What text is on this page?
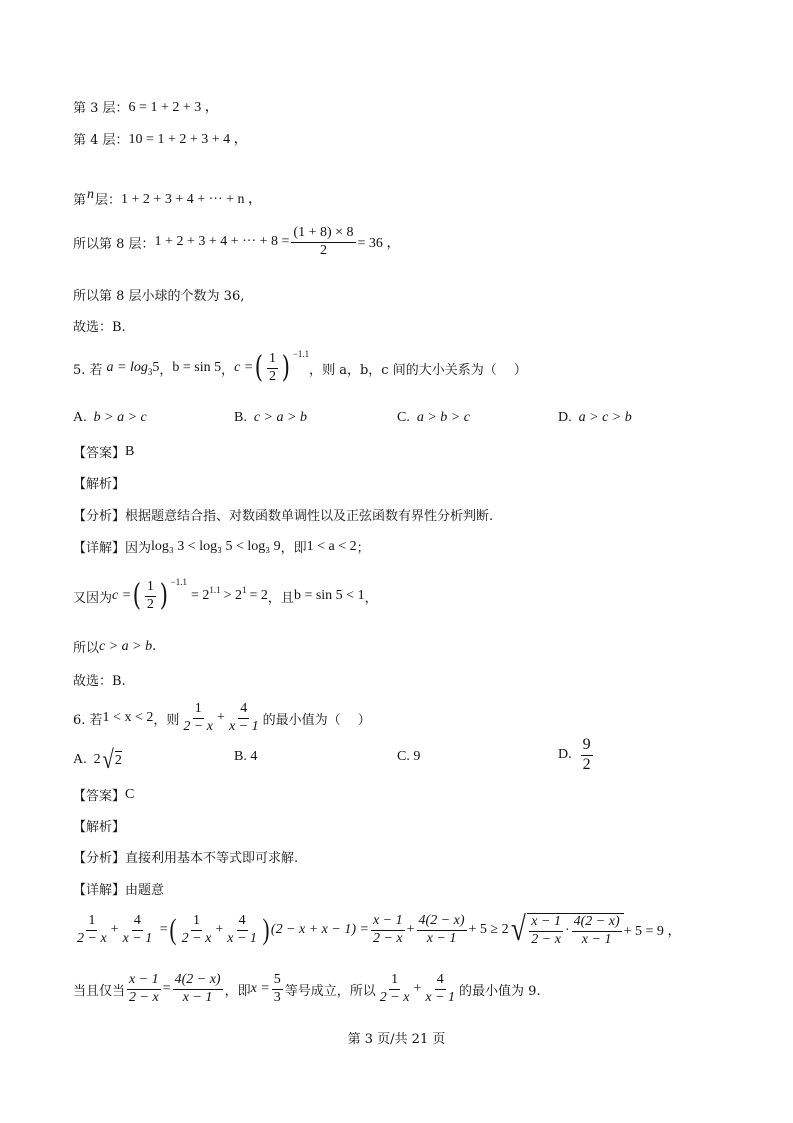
第 3 层： 6 = 1 + 2 + 3 ，
第 4 层： 10 = 1 + 2 + 3 + 4 ，
第 n 层： 1 + 2 + 3 + 4 + ··· + n ，
所以第 8 层： 1 + 2 + 3 + 4 + ··· + $8 = \frac{(1 + 8) \times 8}{2} = 36$ ，
所以第 8 层小球的个数为 36,
故选：B.
5. 若 a = log 3 5 ， b = sin 5 ， c = ( $\frac{1}{2}$ ) −1.1
，则 a，b，c 间的大小关系为（　 ）
A. b > a > c	B. c > a > b	C. a > b > c	D. a > c > b
【答案】 B
【解析】
【分析】 根据题意结合指、对数函数单调性以及正弦函数有界性分析判断.
【详解】 因为 log₃ 3 < log₃ 5 < log₃ 9 ，即 1 < a < 2 ；
又因为 c = ( $\frac{1}{2}$ ) −1.1
= 2 1.1 > 2 1 = 2 ，且 b = sin 5 < 1 ，
所以 c > a > b .
故选：B.
6. 若 1 < x < 2 ，则 $\frac{1}{2 - x} + \frac{4}{x - 1}$ 的最小值为（　 ）
A.
2 √ 2	B. 4	C. 9	D.
$\frac{9}{2}$
【答案】 C
【解析】
【分析】 直接利用基本不等式即可求解.
【详解】 由题意
$\frac{1}{2 - x} + \frac{4}{x - 1}$ = ( $\frac{1}{2 - x} + \frac{4}{x - 1}$ ) $(2 - x + x - 1) = \frac{x - 1}{2 - x} + \frac{4(2 - x)}{x - 1} + 5 \ge 2$ √ $\frac{x - 1}{2 - x} \cdot \frac{4(2 - x)}{x - 1} + 5 = 9$ ，
当且仅当 $\frac{x - 1}{2 - x} = \frac{4(2 - x)}{x - 1}$ ，即 $x = \frac{5}{3}$ 等号成立，所以 $\frac{1}{2 - x} + \frac{4}{x - 1}$ 的最小值为 9.
第 3 页/共 21 页
